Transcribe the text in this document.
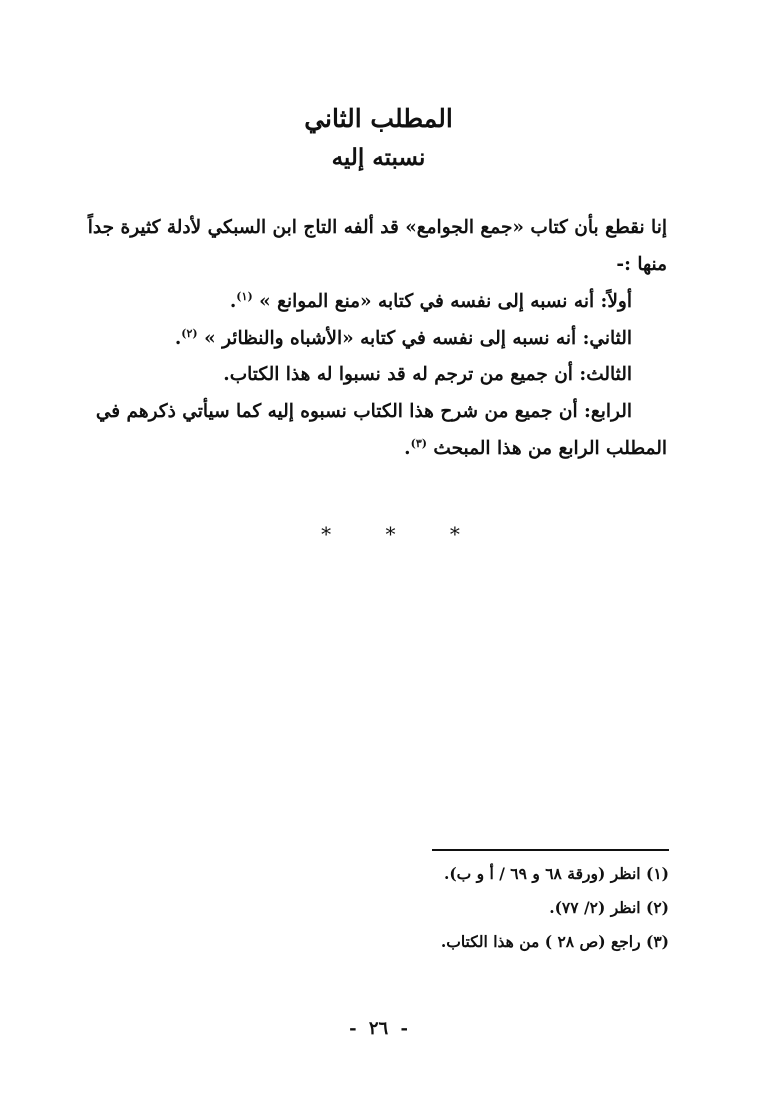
المطلب الثاني
نسبته إليه
إنا نقطع بأن كتاب «جمع الجوامع» قد ألفه التاج ابن السبكي لأدلة كثيرة جداً
منها :-
أولاً: أنه نسبه إلى نفسه في كتابه «منع الموانع » $^{(١)}$.
الثاني: أنه نسبه إلى نفسه في كتابه «الأشباه والنظائر » $^{(٢)}$.
الثالث: أن جميع من ترجم له قد نسبوا له هذا الكتاب.
الرابع: أن جميع من شرح هذا الكتاب نسبوه إليه كما سيأتي ذكرهم في
المطلب الرابع من هذا المبحث $^{(٣)}$.
* * *
(١) انظر (ورقة ٦٨ و ٦٩ / أ و ب).
(٢) انظر (٢/ ٧٧).
(٣) راجع (ص ٢٨ ) من هذا الكتاب.
- ٢٦ -
